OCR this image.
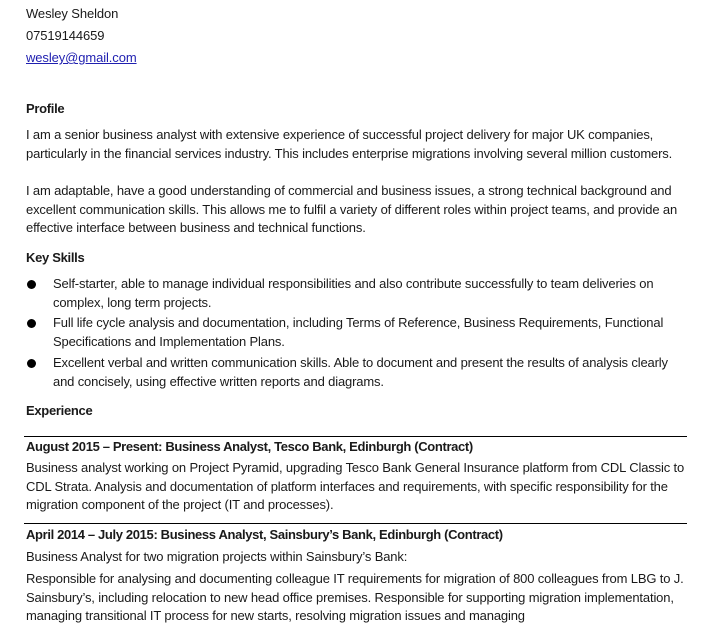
Wesley Sheldon
07519144659
wesley@gmail.com
Profile
I am a senior business analyst with extensive experience of successful project delivery for major UK companies, particularly in the financial services industry. This includes enterprise migrations involving several million customers.
I am adaptable, have a good understanding of commercial and business issues, a strong technical background and excellent communication skills. This allows me to fulfil a variety of different roles within project teams, and provide an effective interface between business and technical functions.
Key Skills
Self-starter, able to manage individual responsibilities and also contribute successfully to team deliveries on complex, long term projects.
Full life cycle analysis and documentation, including Terms of Reference, Business Requirements, Functional Specifications and Implementation Plans.
Excellent verbal and written communication skills. Able to document and present the results of analysis clearly and concisely, using effective written reports and diagrams.
Experience
August 2015 – Present: Business Analyst, Tesco Bank, Edinburgh (Contract)
Business analyst working on Project Pyramid, upgrading Tesco Bank General Insurance platform from CDL Classic to CDL Strata. Analysis and documentation of platform interfaces and requirements, with specific responsibility for the migration component of the project (IT and processes).
April 2014 – July 2015: Business Analyst, Sainsbury’s Bank, Edinburgh (Contract)
Business Analyst for two migration projects within Sainsbury’s Bank:
Responsible for analysing and documenting colleague IT requirements for migration of 800 colleagues from LBG to J. Sainsbury’s, including relocation to new head office premises. Responsible for supporting migration implementation, managing transitional IT process for new starts, resolving migration issues and managing
